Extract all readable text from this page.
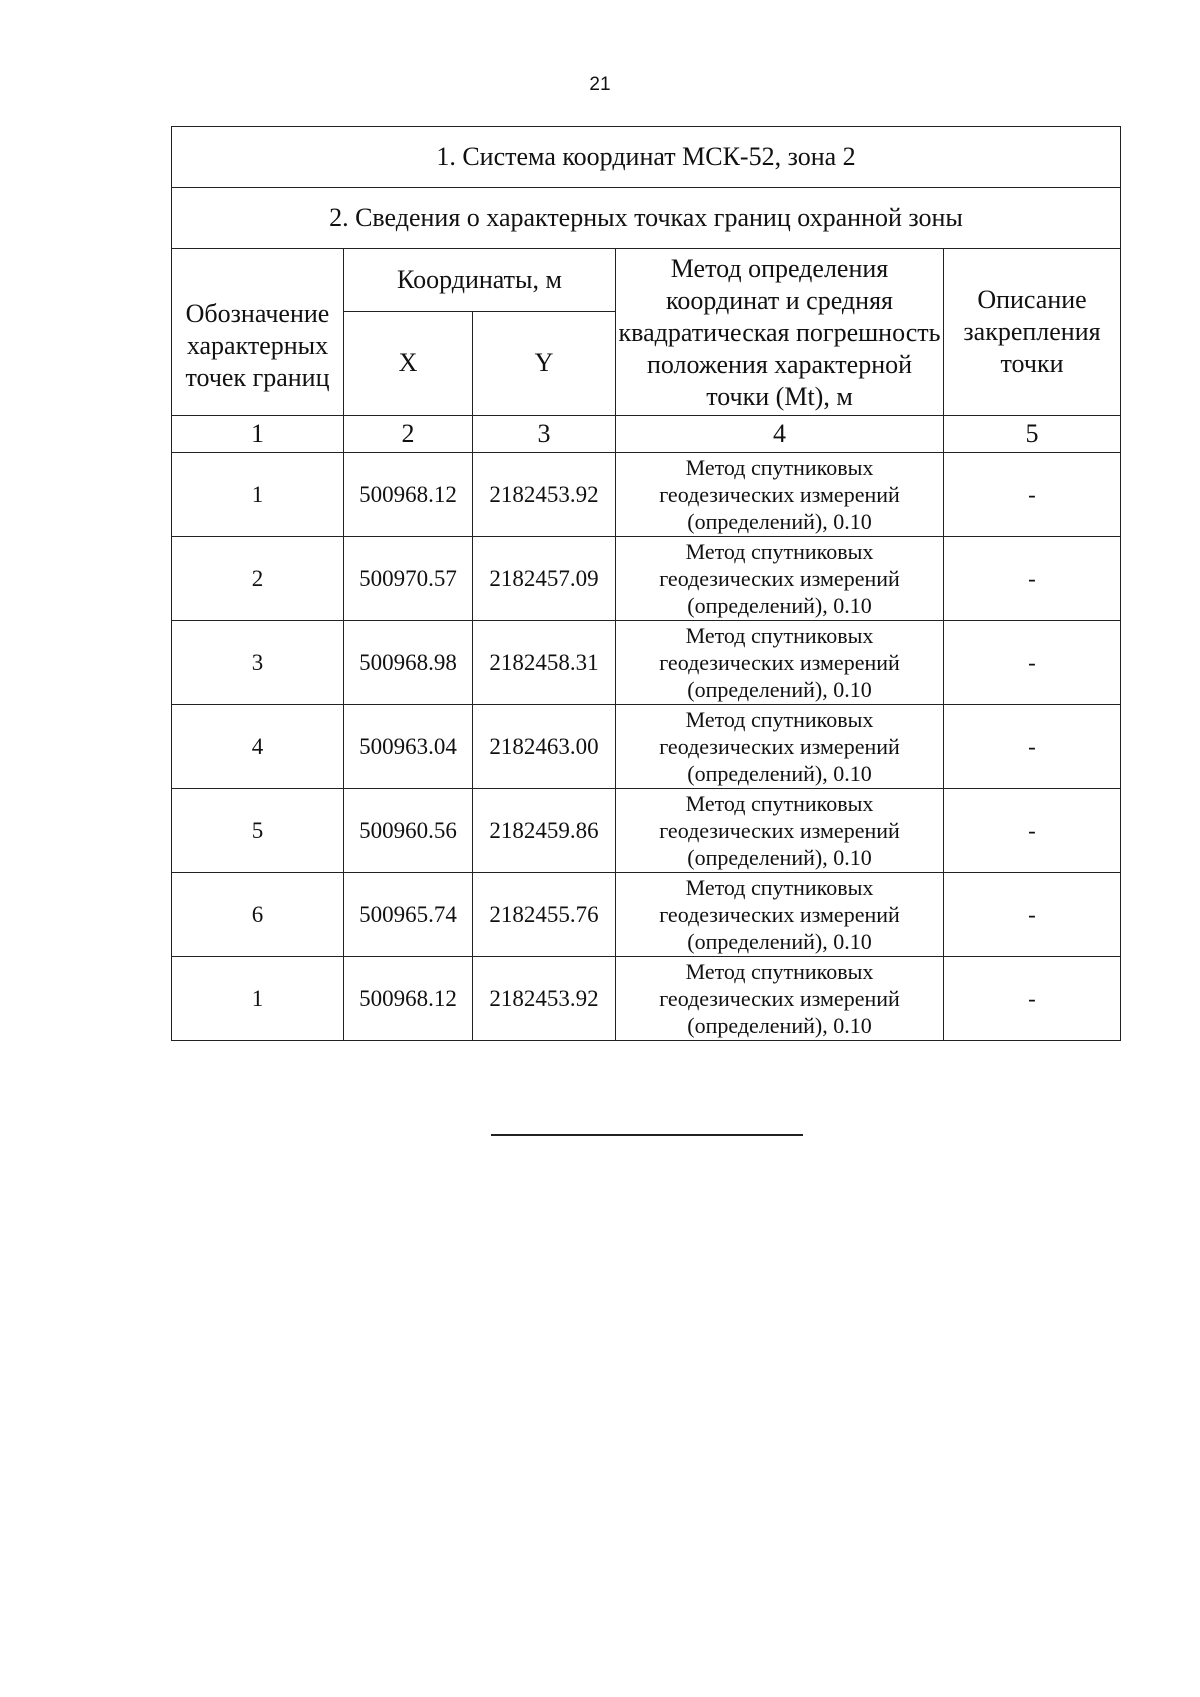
21
1. Система координат МСК-52, зона 2				
2. Сведения о характерных точках границ охранной зоны				
Обозначение характерных точек границ	Координаты, м		Метод определения координат и средняя квадратическая погрешность положения характерной точки (Mt), м	Описание закрепления точки
	X	Y		
1	2	3	4	5
1	500968.12	2182453.92	Метод спутниковых
геодезических измерений
(определений), 0.10	-
2	500970.57	2182457.09	Метод спутниковых
геодезических измерений
(определений), 0.10	-
3	500968.98	2182458.31	Метод спутниковых
геодезических измерений
(определений), 0.10	-
4	500963.04	2182463.00	Метод спутниковых
геодезических измерений
(определений), 0.10	-
5	500960.56	2182459.86	Метод спутниковых
геодезических измерений
(определений), 0.10	-
6	500965.74	2182455.76	Метод спутниковых
геодезических измерений
(определений), 0.10	-
1	500968.12	2182453.92	Метод спутниковых
геодезических измерений
(определений), 0.10	-
